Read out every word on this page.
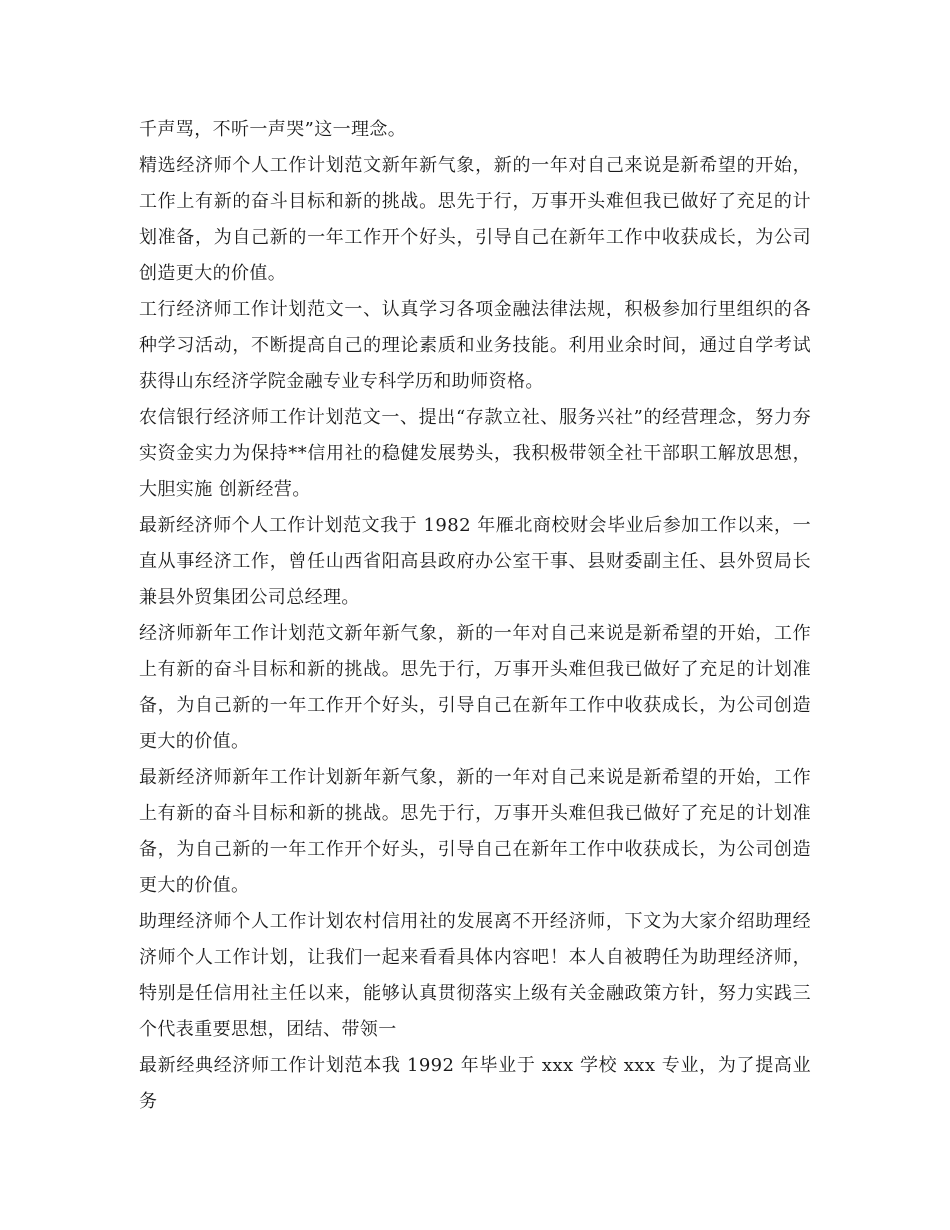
千声骂，不听一声哭”这一理念。

精选经济师个人工作计划范文新年新气象，新的一年对自己来说是新希望的开始，工作上有新的奋斗目标和新的挑战。思先于行，万事开头难但我已做好了充足的计划准备，为自己新的一年工作开个好头，引导自己在新年工作中收获成长，为公司创造更大的价值。

工行经济师工作计划范文一、认真学习各项金融法律法规，积极参加行里组织的各种学习活动，不断提高自己的理论素质和业务技能。利用业余时间，通过自学考试获得山东经济学院金融专业专科学历和助师资格。

农信银行经济师工作计划范文一、提出“存款立社、服务兴社”的经营理念，努力夯实资金实力为保持**信用社的稳健发展势头，我积极带领全社干部职工解放思想，大胆实施 创新经营。

最新经济师个人工作计划范文我于 1982 年雁北商校财会毕业后参加工作以来，一直从事经济工作，曾任山西省阳高县政府办公室干事、县财委副主任、县外贸局长兼县外贸集团公司总经理。

经济师新年工作计划范文新年新气象，新的一年对自己来说是新希望的开始，工作上有新的奋斗目标和新的挑战。思先于行，万事开头难但我已做好了充足的计划准备，为自己新的一年工作开个好头，引导自己在新年工作中收获成长，为公司创造更大的价值。

最新经济师新年工作计划新年新气象，新的一年对自己来说是新希望的开始，工作上有新的奋斗目标和新的挑战。思先于行，万事开头难但我已做好了充足的计划准备，为自己新的一年工作开个好头，引导自己在新年工作中收获成长，为公司创造更大的价值。

助理经济师个人工作计划农村信用社的发展离不开经济师，下文为大家介绍助理经济师个人工作计划，让我们一起来看看具体内容吧！本人自被聘任为助理经济师，特别是任信用社主任以来，能够认真贯彻落实上级有关金融政策方针，努力实践三个代表重要思想，团结、带领一

最新经典经济师工作计划范本我 1992 年毕业于 xxx 学校 xxx 专业，为了提高业务
